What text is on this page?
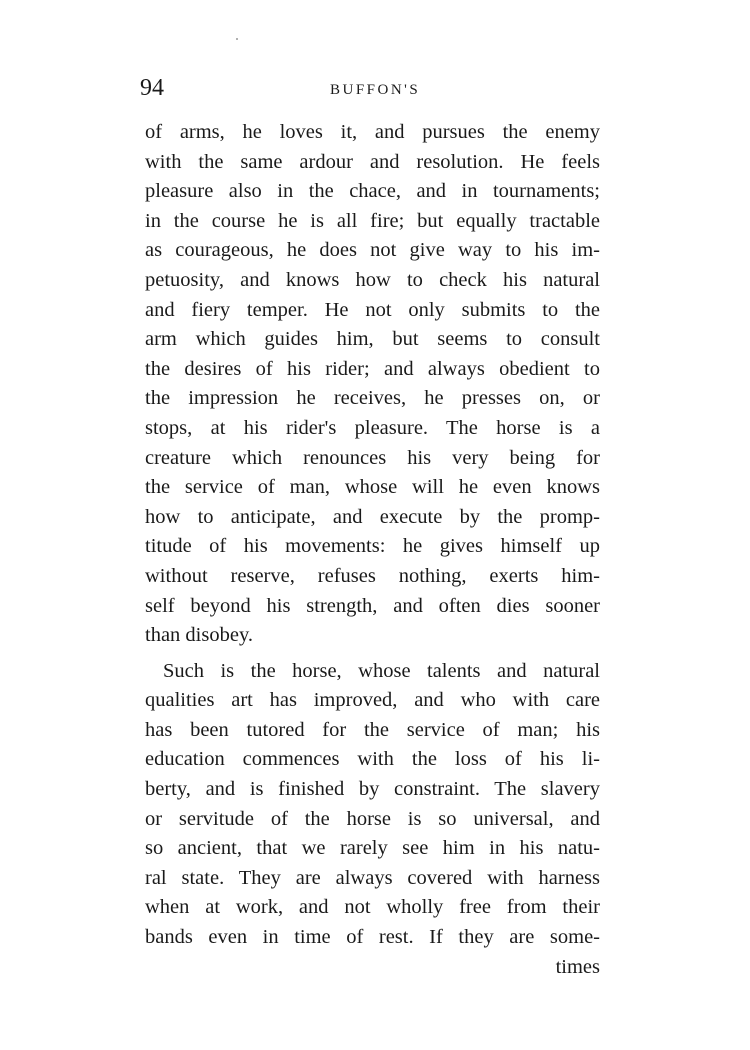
94	BUFFON'S
of arms, he loves it, and pursues the enemy
with the same ardour and resolution. He feels
pleasure also in the chace, and in tournaments;
in the course he is all fire; but equally tractable
as courageous, he does not give way to his im-
petuosity, and knows how to check his natural
and fiery temper. He not only submits to the
arm which guides him, but seems to consult
the desires of his rider; and always obedient to
the impression he receives, he presses on, or
stops, at his rider's pleasure. The horse is a
creature which renounces his very being for
the service of man, whose will he even knows
how to anticipate, and execute by the promp-
titude of his movements: he gives himself up
without reserve, refuses nothing, exerts him-
self beyond his strength, and often dies sooner
than disobey.
Such is the horse, whose talents and natural
qualities art has improved, and who with care
has been tutored for the service of man; his
education commences with the loss of his li-
berty, and is finished by constraint. The slavery
or servitude of the horse is so universal, and
so ancient, that we rarely see him in his natu-
ral state. They are always covered with harness
when at work, and not wholly free from their
bands even in time of rest. If they are some-
times
